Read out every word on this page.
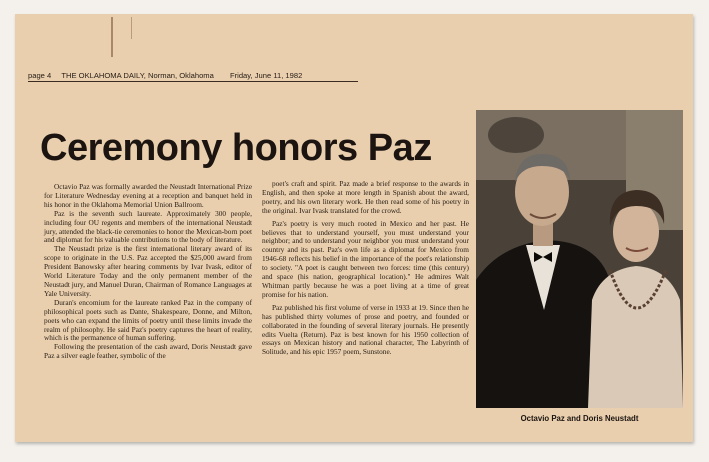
page 4 THE OKLAHOMA DAILY, Norman, Oklahoma Friday, June 11, 1982
Ceremony honors Paz

Octavio Paz was formally awarded the Neustadt International Prize for Literature Wednesday evening at a reception and banquet held in his honor in the Oklahoma Memorial Union Ballroom.

Paz is the seventh such laureate. Approximately 300 people, including four OU regents and members of the international Neustadt jury, attended the black-tie ceremonies to honor the Mexican-born poet and diplomat for his valuable contributions to the body of literature.

The Neustadt prize is the first international literary award of its scope to originate in the U.S. Paz accepted the $25,000 award from President Banowsky after hearing comments by Ivar Ivask, editor of World Literature Today and the only permanent member of the Neustadt jury, and Manuel Duran, Chairman of Romance Languages at Yale University.

Duran's encomium for the laureate ranked Paz in the company of philosophical poets such as Dante, Shakespeare, Donne, and Milton, poets who can expand the limits of poetry until these limits invade the realm of philosophy. He said Paz's poetry captures the heart of reality, which is the permanence of human suffering.

Following the presentation of the cash award, Doris Neustadt gave Paz a silver eagle feather, symbolic of the

poet's craft and spirit. Paz made a brief response to the awards in English, and then spoke at more length in Spanish about the award, poetry, and his own literary work. He then read some of his poetry in the original. Ivar Ivask translated for the crowd.

Paz's poetry is very much rooted in Mexico and her past. He believes that to understand yourself, you must understand your neighbor; and to understand your neighbor you must understand your country and its past. Paz's own life as a diplomat for Mexico from 1946-68 reflects his belief in the importance of the poet's relationship to society. "A poet is caught between two forces: time (this century) and space (his nation, geographical location)." He admires Walt Whitman partly because he was a poet living at a time of great promise for his nation.

Paz published his first volume of verse in 1933 at 19. Since then he has published thirty volumes of prose and poetry, and founded or collaborated in the founding of several literary journals. He presently edits Vuelta (Return). Paz is best known for his 1950 collection of essays on Mexican history and national character, The Labyrinth of Solitude, and his epic 1957 poem, Sunstone.

Octavio Paz and Doris Neustadt
